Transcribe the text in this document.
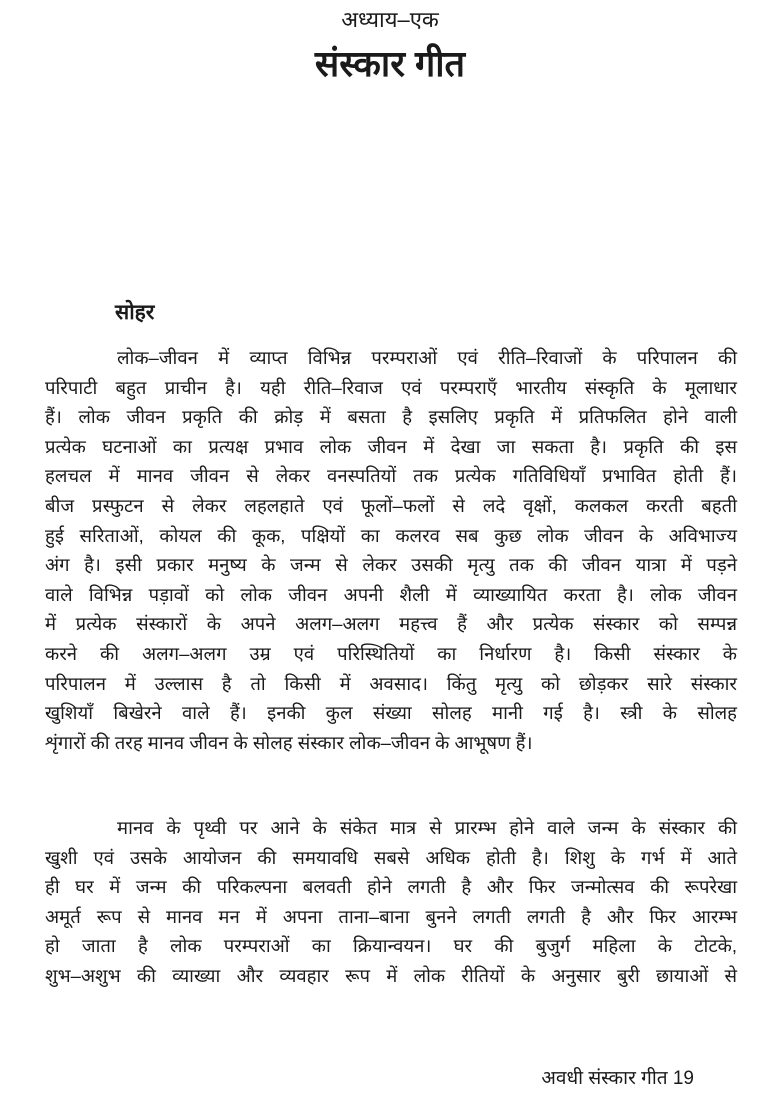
अध्याय–एक
संस्कार गीत
सोहर
लोक–जीवन में व्याप्त विभिन्न परम्पराओं एवं रीति–रिवाजों के परिपालन की
परिपाटी बहुत प्राचीन है। यही रीति–रिवाज एवं परम्पराएँ भारतीय संस्कृति के मूलाधार
हैं। लोक जीवन प्रकृति की क्रोड़ में बसता है इसलिए प्रकृति में प्रतिफलित होने वाली
प्रत्येक घटनाओं का प्रत्यक्ष प्रभाव लोक जीवन में देखा जा सकता है। प्रकृति की इस
हलचल में मानव जीवन से लेकर वनस्पतियों तक प्रत्येक गतिविधियाँ प्रभावित होती हैं।
बीज प्रस्फुटन से लेकर लहलहाते एवं फूलों–फलों से लदे वृक्षों, कलकल करती बहती
हुई सरिताओं, कोयल की कूक, पक्षियों का कलरव सब कुछ लोक जीवन के अविभाज्य
अंग है। इसी प्रकार मनुष्य के जन्म से लेकर उसकी मृत्यु तक की जीवन यात्रा में पड़ने
वाले विभिन्न पड़ावों को लोक जीवन अपनी शैली में व्याख्यायित करता है। लोक जीवन
में प्रत्येक संस्कारों के अपने अलग–अलग महत्त्व हैं और प्रत्येक संस्कार को सम्पन्न
करने की अलग–अलग उम्र एवं परिस्थितियों का निर्धारण है। किसी संस्कार के
परिपालन में उल्लास है तो किसी में अवसाद। किंतु मृत्यु को छोड़कर सारे संस्कार
खुशियाँ बिखेरने वाले हैं। इनकी कुल संख्या सोलह मानी गई है। स्त्री के सोलह
शृंगारों की तरह मानव जीवन के सोलह संस्कार लोक–जीवन के आभूषण हैं।
मानव के पृथ्वी पर आने के संकेत मात्र से प्रारम्भ होने वाले जन्म के संस्कार की
खुशी एवं उसके आयोजन की समयावधि सबसे अधिक होती है। शिशु के गर्भ में आते
ही घर में जन्म की परिकल्पना बलवती होने लगती है और फिर जन्मोत्सव की रूपरेखा
अमूर्त रूप से मानव मन में अपना ताना–बाना बुनने लगती लगती है और फिर आरम्भ
हो जाता है लोक परम्पराओं का क्रियान्वयन। घर की बुजुर्ग महिला के टोटके,
शुभ–अशुभ की व्याख्या और व्यवहार रूप में लोक रीतियों के अनुसार बुरी छायाओं से
अवधी संस्कार गीत 19
